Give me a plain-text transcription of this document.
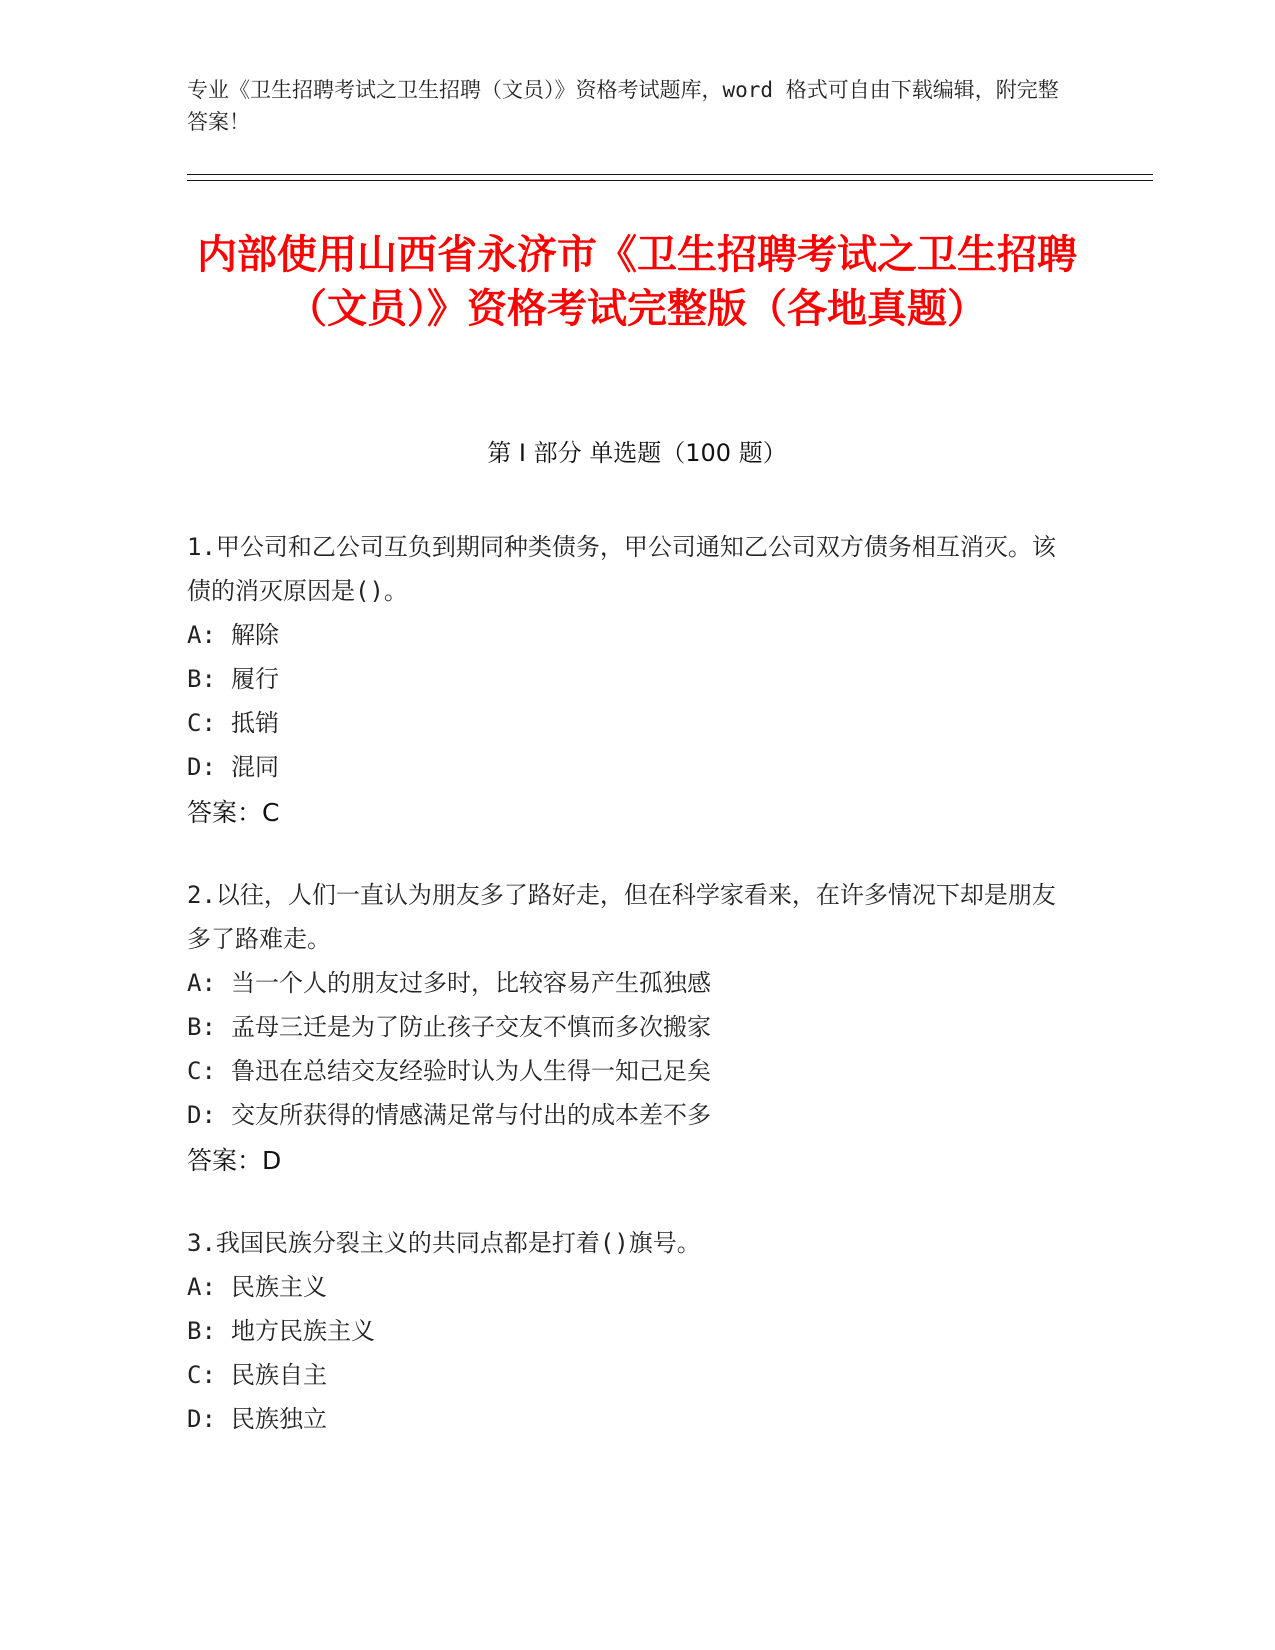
专业《卫生招聘考试之卫生招聘（文员）》资格考试题库，word 格式可自由下载编辑，附完整答案！
内部使用山西省永济市《卫生招聘考试之卫生招聘（文员）》资格考试完整版（各地真题）
第 I 部分 单选题（100 题）

1.甲公司和乙公司互负到期同种类债务，甲公司通知乙公司双方债务相互消灭。该债的消灭原因是()。

A: 解除
B: 履行
C: 抵销
D: 混同

答案：C

2.以往，人们一直认为朋友多了路好走，但在科学家看来，在许多情况下却是朋友多了路难走。

A: 当一个人的朋友过多时，比较容易产生孤独感
B: 孟母三迁是为了防止孩子交友不慎而多次搬家
C: 鲁迅在总结交友经验时认为人生得一知己足矣
D: 交友所获得的情感满足常与付出的成本差不多

答案：D

3.我国民族分裂主义的共同点都是打着()旗号。

A: 民族主义
B: 地方民族主义
C: 民族自主
D: 民族独立
